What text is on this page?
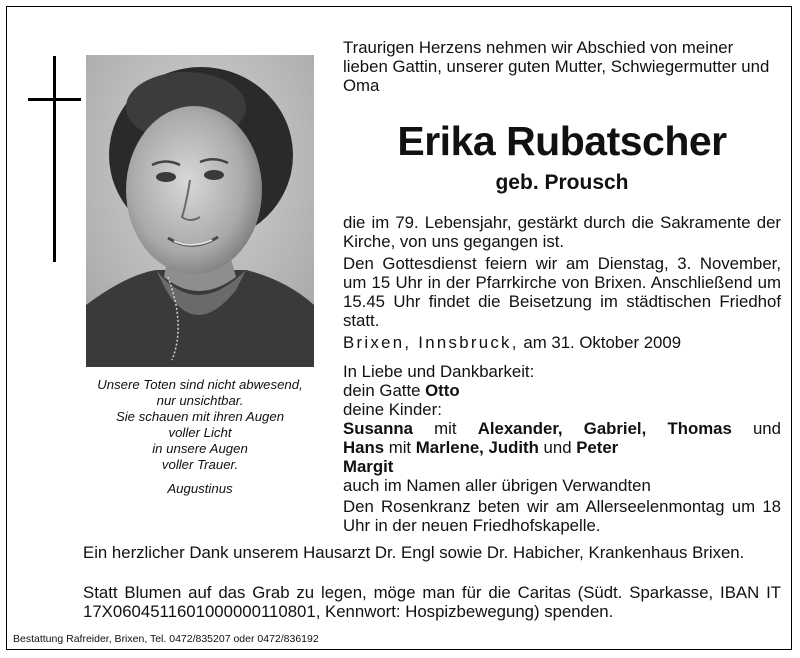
Unsere Toten sind nicht abwesend,
nur unsichtbar.
Sie schauen mit ihren Augen
voller Licht
in unsere Augen
voller Trauer.
Augustinus
Traurigen Herzens nehmen wir Abschied von meiner lieben Gattin, unserer guten Mutter, Schwiegermutter und Oma
Erika Rubatscher
geb. Prousch
die im 79. Lebensjahr, gestärkt durch die Sakramente der Kirche, von uns gegangen ist.
Den Gottesdienst feiern wir am Dienstag, 3. November, um 15 Uhr in der Pfarrkirche von Brixen. Anschließend um 15.45 Uhr findet die Beisetzung im städtischen Friedhof statt.
Brixen, Innsbruck, am 31. Oktober 2009
In Liebe und Dankbarkeit:
dein Gatte Otto
deine Kinder:
Susanna mit Alexander, Gabriel, Thomas und
Hans mit Marlene, Judith und Peter
Margit
auch im Namen aller übrigen Verwandten
Den Rosenkranz beten wir am Allerseelenmontag um 18 Uhr in der neuen Friedhofskapelle.
Ein herzlicher Dank unserem Hausarzt Dr. Engl sowie Dr. Habicher, Krankenhaus Brixen.
Statt Blumen auf das Grab zu legen, möge man für die Caritas (Südt. Sparkasse, IBAN IT 17X0604511601000000110801, Kennwort: Hospizbewegung) spenden.
Bestattung Rafreider, Brixen, Tel. 0472/835207 oder 0472/836192
